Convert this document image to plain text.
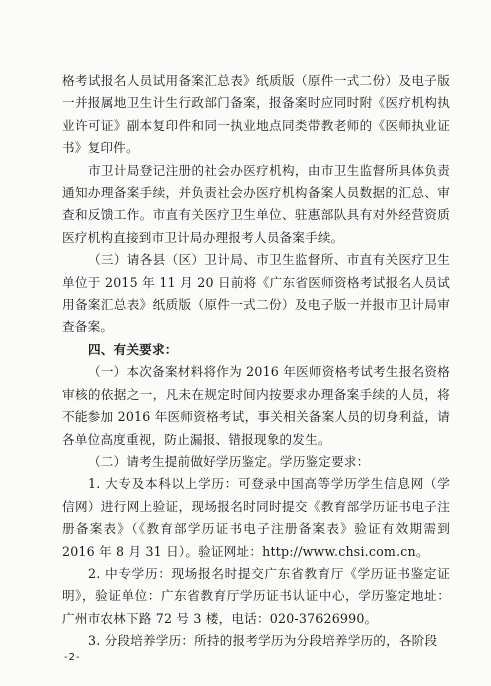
格考试报名人员试用备案汇总表》纸质版（原件一式二份）及电子版一并报属地卫生计生行政部门备案，报备案时应同时附《医疗机构执业许可证》副本复印件和同一执业地点同类带教老师的《医师执业证书》复印件。

市卫计局登记注册的社会办医疗机构，由市卫生监督所具体负责通知办理备案手续，并负责社会办医疗机构备案人员数据的汇总、审查和反馈工作。市直有关医疗卫生单位、驻惠部队具有对外经营资质医疗机构直接到市卫计局办理报考人员备案手续。

（三）请各县（区）卫计局、市卫生监督所、市直有关医疗卫生单位于 2015 年 11 月 20 日前将《广东省医师资格考试报名人员试用备案汇总表》纸质版（原件一式二份）及电子版一并报市卫计局审查备案。

四、有关要求：

（一）本次备案材料将作为 2016 年医师资格考试考生报名资格审核的依据之一，凡未在规定时间内按要求办理备案手续的人员，将不能参加 2016 年医师资格考试，事关相关备案人员的切身利益，请各单位高度重视，防止漏报、错报现象的发生。

（二）请考生提前做好学历鉴定。学历鉴定要求：

1. 大专及本科以上学历：可登录中国高等学历学生信息网（学信网）进行网上验证，现场报名时同时提交《教育部学历证书电子注册备案表》（《教育部学历证书电子注册备案表》验证有效期需到 2016 年 8 月 31 日）。验证网址：http://www.chsi.com.cn。

2. 中专学历：现场报名时提交广东省教育厅《学历证书鉴定证明》，验证单位：广东省教育厅学历证书认证中心，学历鉴定地址：广州市农林下路 72 号 3 楼，电话：020-37626990。

3. 分段培养学历：所持的报考学历为分段培养学历的，各阶段

-2-
